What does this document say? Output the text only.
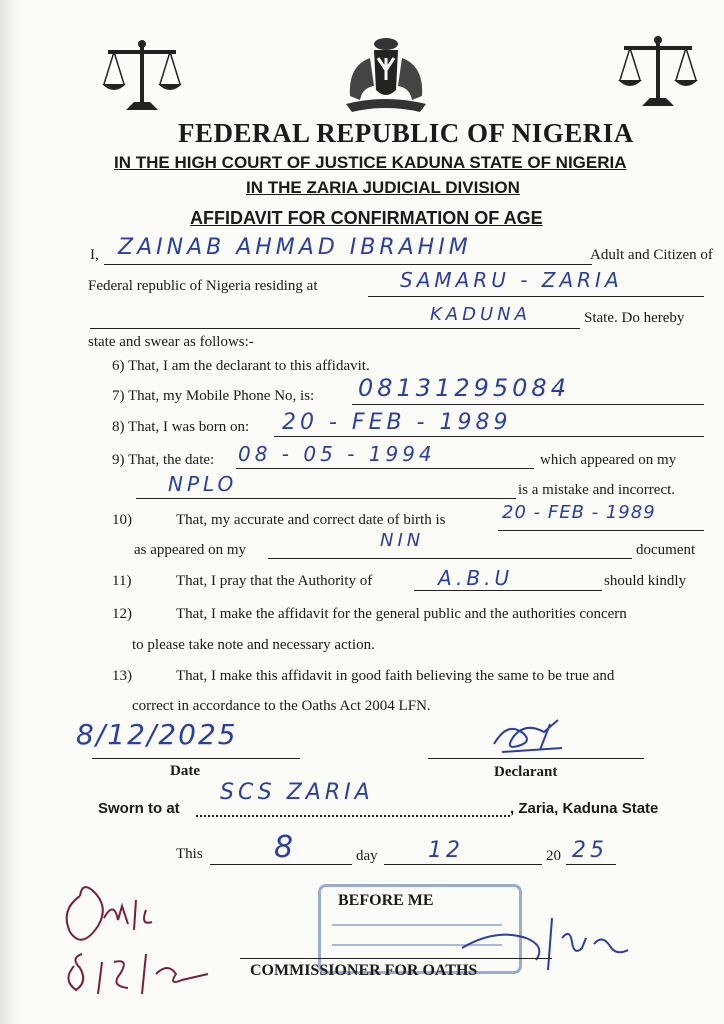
FEDERAL REPUBLIC OF NIGERIA
IN THE HIGH COURT OF JUSTICE KADUNA STATE OF NIGERIA
IN THE ZARIA JUDICIAL DIVISION
AFFIDAVIT FOR CONFIRMATION OF AGE
I, ZAINAB AHMAD IBRAHIM	Adult and Citizen of
Federal republic of Nigeria residing at	SAMARU - ZARIA
KADUNA	State. Do hereby
state and swear as follows:-
6) That, I am the declarant to this affidavit.
7) That, my Mobile Phone No, is: 08131295084
8) That, I was born on: 20 - FEB - 1989
9) That, the date: 08 - 05 - 1994	which appeared on my
NPLO	is a mistake and incorrect.
10)	That, my accurate and correct date of birth is	20 - FEB - 1989
as appeared on my	NIN	document
11)	That, I pray that the Authority of	A.B.U	should kindly
12)	That, I make the affidavit for the general public and the authorities concern
to please take note and necessary action.
13)	That, I make this affidavit in good faith believing the same to be true and
correct in accordance to the Oaths Act 2004 LFN.
8/12/2025
Date	Declarant
Sworn to at
SCS ZARIA
, Zaria, Kaduna State
This 8	day 12	20 25
BEFORE ME
COMMISSIONER FOR OATHS
